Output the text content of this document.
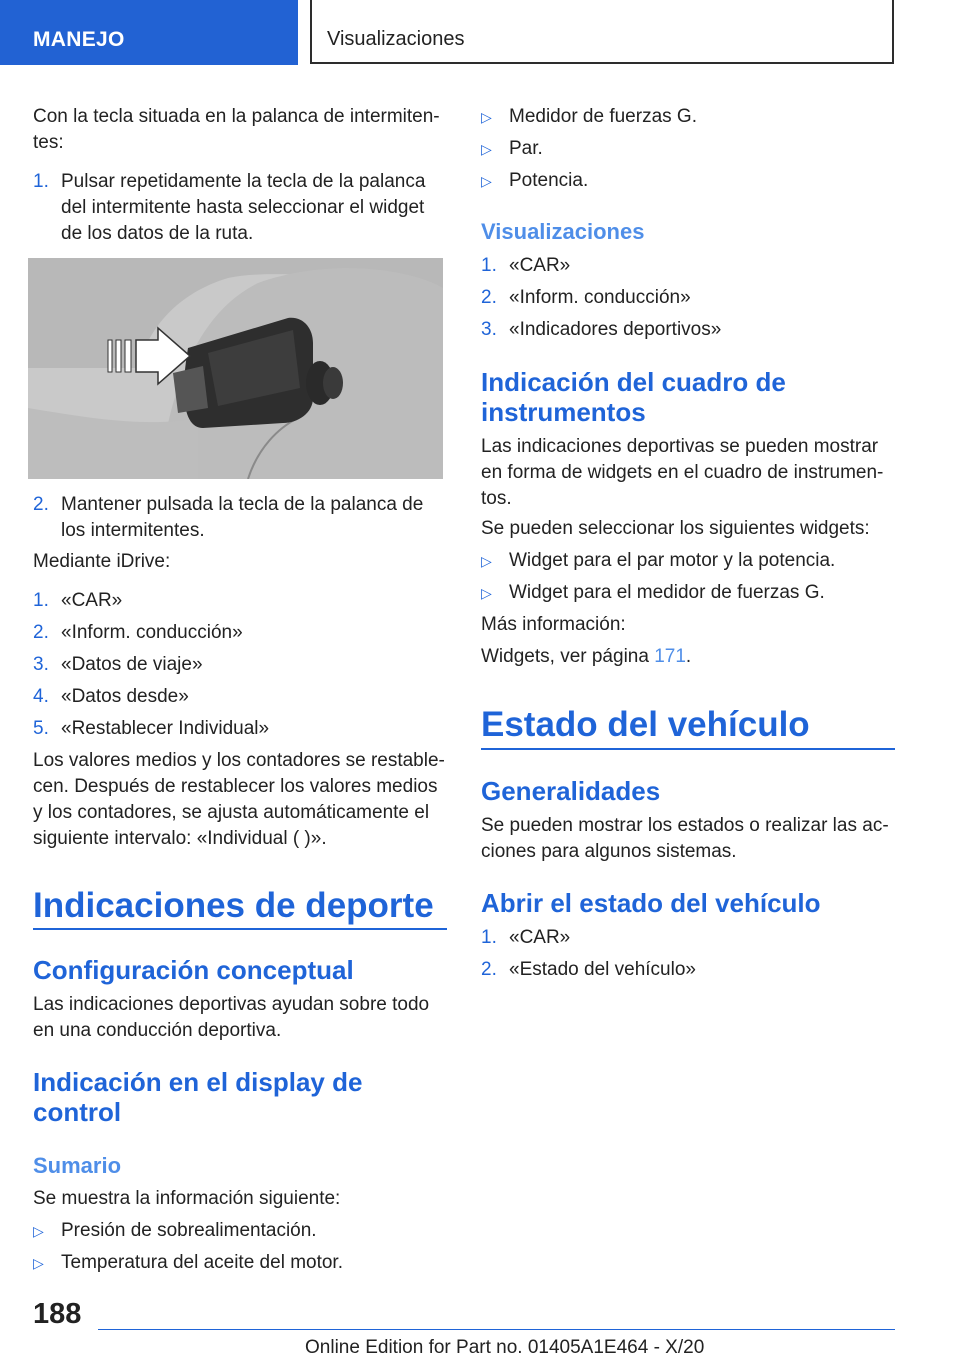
MANEJO	Visualizaciones
Con la tecla situada en la palanca de intermiten-
tes:
1. Pulsar repetidamente la tecla de la palanca
del intermitente hasta seleccionar el widget
de los datos de la ruta.
2. Mantener pulsada la tecla de la palanca de
los intermitentes.
Mediante iDrive:
1. «CAR»
2. «Inform. conducción»
3. «Datos de viaje»
4. «Datos desde»
5. «Restablecer Individual»
Los valores medios y los contadores se restable-
cen. Después de restablecer los valores medios
y los contadores, se ajusta automáticamente el
siguiente intervalo: «Individual ( )».
Indicaciones de deporte
Configuración conceptual
Las indicaciones deportivas ayudan sobre todo
en una conducción deportiva.
Indicación en el display de
control
Sumario
Se muestra la información siguiente:
▷ Presión de sobrealimentación.
▷ Temperatura del aceite del motor.
▷ Medidor de fuerzas G.
▷ Par.
▷ Potencia.
Visualizaciones
1. «CAR»
2. «Inform. conducción»
3. «Indicadores deportivos»
Indicación del cuadro de
instrumentos
Las indicaciones deportivas se pueden mostrar
en forma de widgets en el cuadro de instrumen-
tos.
Se pueden seleccionar los siguientes widgets:
▷ Widget para el par motor y la potencia.
▷ Widget para el medidor de fuerzas G.
Más información:
Widgets, ver página 171.
Estado del vehículo
Generalidades
Se pueden mostrar los estados o realizar las ac-
ciones para algunos sistemas.
Abrir el estado del vehículo
1. «CAR»
2. «Estado del vehículo»
188
Online Edition for Part no. 01405A1E464 - X/20
